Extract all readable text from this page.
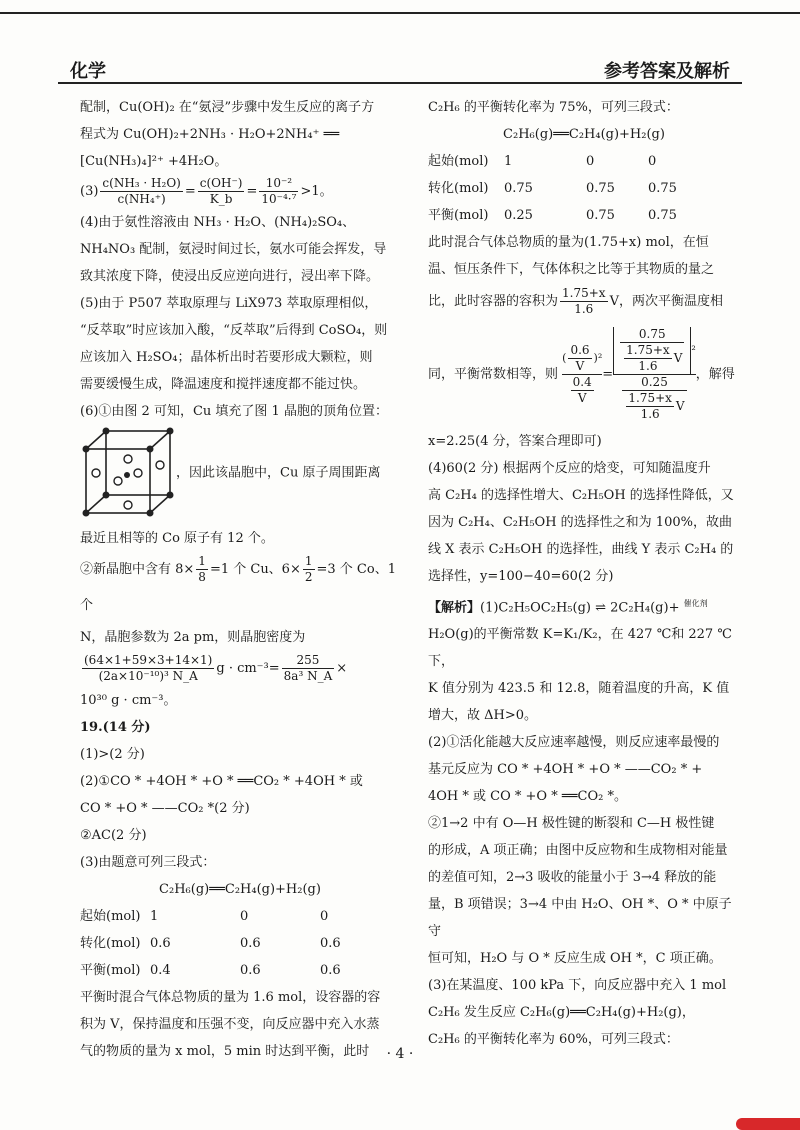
化学	参考答案及解析

配制，Cu(OH)₂ 在“氨浸”步骤中发生反应的离子方

程式为 Cu(OH)₂+2NH₃ · H₂O+2NH₄⁺ ══

[Cu(NH₃)₄]²⁺ +4H₂O。

$(3) \frac{\text{c(NH₃ · H₂O)}}{\text{c(NH₄⁺)}} = \frac{c(OH^-)}{K\_b} = \frac{\text{10⁻²}}{\text{10⁻⁴·⁷}} >1$。

(4)由于氨性溶液由 NH₃ · H₂O、(NH₄)₂SO₄、

NH₄NO₃ 配制，氨浸时间过长，氨水可能会挥发，导

致其浓度下降，使浸出反应逆向进行，浸出率下降。

(5)由于 P507 萃取原理与 LiX973 萃取原理相似，

“反萃取”时应该加入酸，“反萃取”后得到 CoSO₄，则

应该加入 H₂SO₄；晶体析出时若要形成大颗粒，则

需要缓慢生成，降温速度和搅拌速度都不能过快。

(6)①由图 2 可知，Cu 填充了图 1 晶胞的顶角位置：

，因此该晶胞中，Cu 原子周围距离

最近且相等的 Co 原子有 12 个。

②新晶胞中含有 $8\times \frac{1}{8} =1$ 个 Cu、$6\times \frac{1}{2} =3$ 个 Co、1 个

N，晶胞参数为 2a pm，则晶胞密度为

$\frac{(64\times 1+59\times 3+14\times 1)}{\text{(2a×10⁻¹⁰)³ N\_A}}$ $g \cdot cm^{-3}= \frac{255}{\text{8a³ N\_A}}$ ×

10³⁰ g · cm⁻³。

19.(14 分)

(1)>(2 分)

(2)①CO * +4OH * +O * ══CO₂ * +4OH * 或

CO * +O * ——CO₂ *(2 分)

②AC(2 分)

(3)由题意可列三段式：

C₂H₆(g)══C₂H₄(g)+H₂(g)

起始(mol) 1	0	0
转化(mol) 0.6	0.6	0.6
平衡(mol) 0.4	0.6	0.6

平衡时混合气体总物质的量为 1.6 mol，设容器的容

积为 V，保持温度和压强不变，向反应器中充入水蒸

气的物质的量为 x mol，5 min 时达到平衡，此时

C₂H₆ 的平衡转化率为 75%，可列三段式：

C₂H₆(g)══C₂H₄(g)+H₂(g)

起始(mol)	1	0	0
转化(mol)	0.75	0.75	0.75
平衡(mol)	0.25	0.75	0.75

此时混合气体总物质的量为(1.75+x) mol，在恒

温、恒压条件下，气体体积之比等于其物质的量之

比，此时容器的容积为 $\frac{1.75+x}{1.6}$ V，两次平衡温度相

同，平衡常数相等，则 $\frac{( \frac{0.6}{V} )^2}{\frac{0.4}{V}} = \frac{\frac{0.75}{\frac{1.75+x}{1.6} V} ^2}{\frac{0.25}{\frac{1.75+x}{1.6} V}}$ ，解得

x=2.25(4 分，答案合理即可)

(4)60(2 分) 根据两个反应的焓变，可知随温度升

高 C₂H₄ 的选择性增大、C₂H₅OH 的选择性降低，又

因为 C₂H₄、C₂H₅OH 的选择性之和为 100%，故曲

线 X 表示 C₂H₅OH 的选择性，曲线 Y 表示 C₂H₄ 的

选择性，y=100−40=60(2 分)

【解析】(1)C₂H₅OC₂H₅(g) ⇌ 2C₂H₄(g)+ $^{催化剂}$

H₂O(g)的平衡常数 K=K₁/K₂，在 427 ℃和 227 ℃下，

K 值分别为 423.5 和 12.8，随着温度的升高，K 值

增大，故 ΔH>0。

(2)①活化能越大反应速率越慢，则反应速率最慢的

基元反应为 CO * +4OH * +O * ——CO₂ * +

4OH * 或 CO * +O * ══CO₂ *。

②1→2 中有 O—H 极性键的断裂和 C—H 极性键

的形成，A 项正确；由图中反应物和生成物相对能量

的差值可知，2→3 吸收的能量小于 3→4 释放的能

量，B 项错误；3→4 中由 H₂O、OH *、O * 中原子守

恒可知，H₂O 与 O * 反应生成 OH *，C 项正确。

(3)在某温度、100 kPa 下，向反应器中充入 1 mol

C₂H₆ 发生反应 C₂H₆(g)══C₂H₄(g)+H₂(g)，

C₂H₆ 的平衡转化率为 60%，可列三段式：

· 4 ·
